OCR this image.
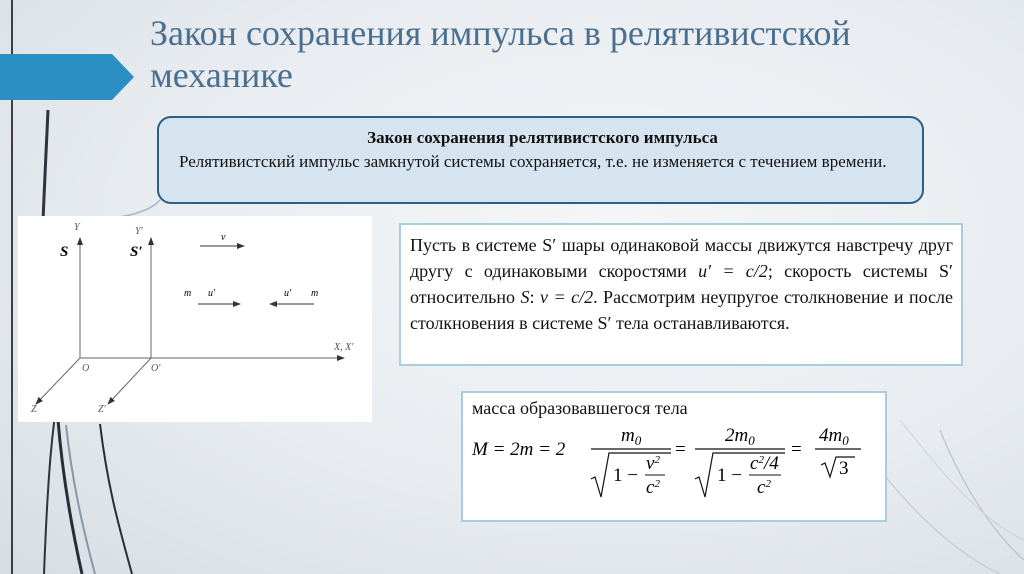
Закон сохранения импульса в релятивистской механике
Закон сохранения релятивистского импульса
Релятивистский импульс замкнутой системы сохраняется, т.е. не изменяется с течением времени.
S
Y
S′
Y′
X, X′
O	O′
Z	Z′
v
m u′	u′ m
Пусть в системе S′ шары одинаковой массы движутся навстречу друг другу с одинаковыми скоростями u′ = c/2; скорость системы S′ относительно S: v = c/2. Рассмотрим неупругое столкновение и после столкновения в системе S′ тела останавливаются.
масса образовавшегося тела
M = 2m = 2
$m_0$
1 −
$v^2$
$c^2$
=
$2m_0$
1 −
$c^2/4$
$c^2$
=
$4m_0$
3
